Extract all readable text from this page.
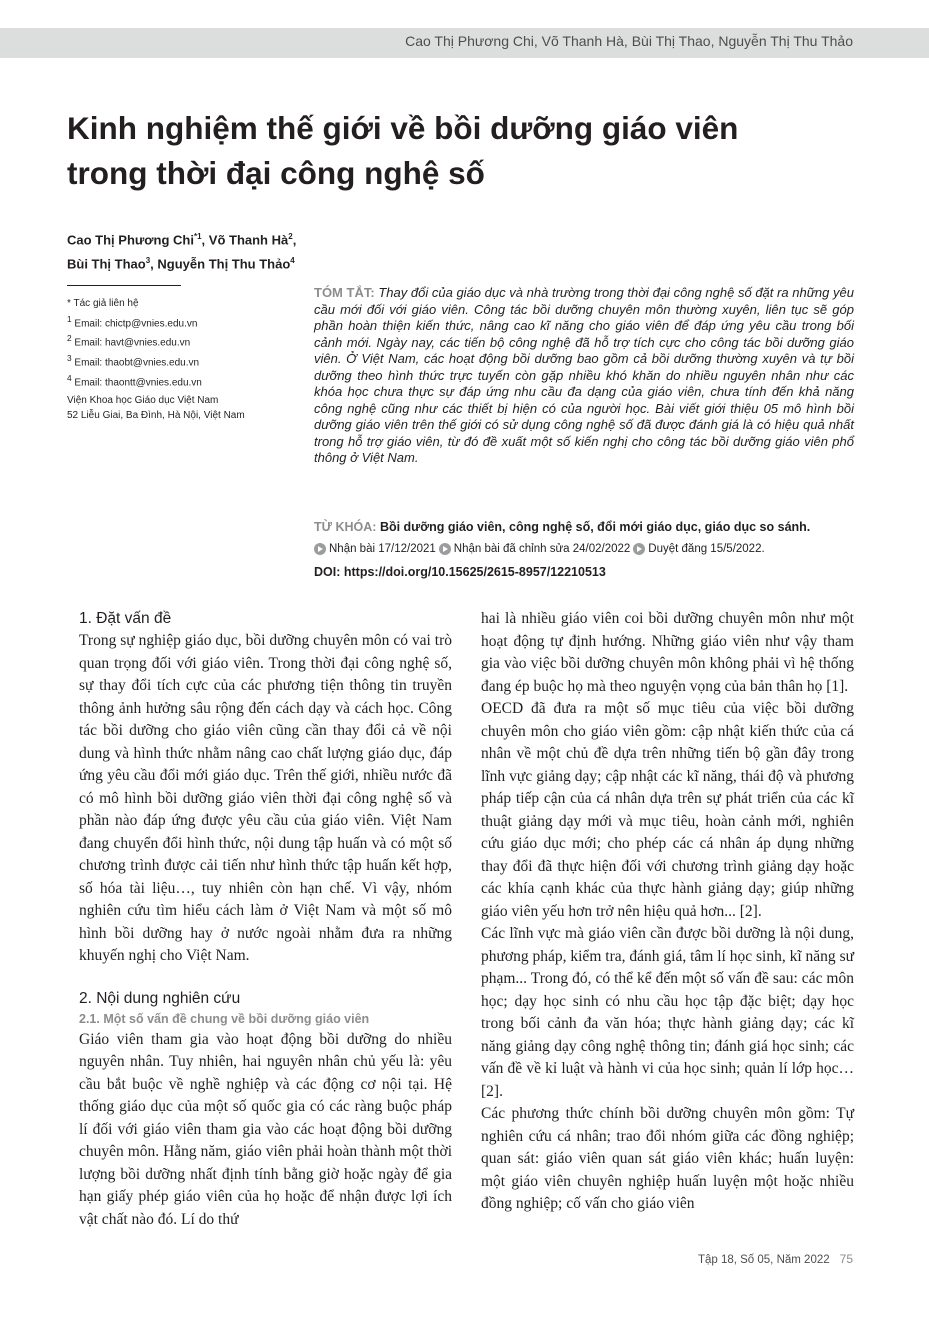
Cao Thị Phương Chi, Võ Thanh Hà, Bùi Thị Thao, Nguyễn Thị Thu Thảo
Kinh nghiệm thế giới về bồi dưỡng giáo viên
trong thời đại công nghệ số
Cao Thị Phương Chi$^{*1}$, Võ Thanh $Hà^2$,
Bùi Thị Thao$^3$, Nguyễn Thị Thu Thảo$^4$
* Tác giả liên hệ
$^1$ Email: chictp@vnies.edu.vn
$^2$ Email: havt@vnies.edu.vn
$^3$ Email: thaobt@vnies.edu.vn
$^4$ Email: thaontt@vnies.edu.vn
Viện Khoa học Giáo dục Việt Nam
52 Liễu Giai, Ba Đình, Hà Nội, Việt Nam
TÓM TẮT: Thay đổi của giáo dục và nhà trường trong thời đại công nghệ số đặt ra những yêu cầu mới đối với giáo viên. Công tác bồi dưỡng chuyên môn thường xuyên, liên tục sẽ góp phần hoàn thiện kiến thức, nâng cao kĩ năng cho giáo viên để đáp ứng yêu cầu trong bối cảnh mới. Ngày nay, các tiến bộ công nghệ đã hỗ trợ tích cực cho công tác bồi dưỡng giáo viên. Ở Việt Nam, các hoạt động bồi dưỡng bao gồm cả bồi dưỡng thường xuyên và tự bồi dưỡng theo hình thức trực tuyến còn gặp nhiều khó khăn do nhiều nguyên nhân như các khóa học chưa thực sự đáp ứng nhu cầu đa dạng của giáo viên, chưa tính đến khả năng công nghệ cũng như các thiết bị hiện có của người học. Bài viết giới thiệu 05 mô hình bồi dưỡng giáo viên trên thế giới có sử dụng công nghệ số đã được đánh giá là có hiệu quả nhất trong hỗ trợ giáo viên, từ đó đề xuất một số kiến nghị cho công tác bồi dưỡng giáo viên phổ thông ở Việt Nam.
TỪ KHÓA: Bồi dưỡng giáo viên, công nghệ số, đổi mới giáo dục, giáo dục so sánh.
Nhận bài 17/12/2021 Nhận bài đã chỉnh sửa 24/02/2022 Duyệt đăng 15/5/2022.
DOI: https://doi.org/10.15625/2615-8957/12210513
1. Đặt vấn đề

Trong sự nghiệp giáo dục, bồi dưỡng chuyên môn có vai trò quan trọng đối với giáo viên. Trong thời đại công nghệ số, sự thay đổi tích cực của các phương tiện thông tin truyền thông ảnh hưởng sâu rộng đến cách dạy và cách học. Công tác bồi dưỡng cho giáo viên cũng cần thay đổi cả về nội dung và hình thức nhằm nâng cao chất lượng giáo dục, đáp ứng yêu cầu đổi mới giáo dục. Trên thế giới, nhiều nước đã có mô hình bồi dưỡng giáo viên thời đại công nghệ số và phần nào đáp ứng được yêu cầu của giáo viên. Việt Nam đang chuyển đổi hình thức, nội dung tập huấn và có một số chương trình được cải tiến như hình thức tập huấn kết hợp, số hóa tài liệu…, tuy nhiên còn hạn chế. Vì vậy, nhóm nghiên cứu tìm hiểu cách làm ở Việt Nam và một số mô hình bồi dưỡng hay ở nước ngoài nhằm đưa ra những khuyến nghị cho Việt Nam.

2. Nội dung nghiên cứu
2.1. Một số vấn đề chung về bồi dưỡng giáo viên

Giáo viên tham gia vào hoạt động bồi dưỡng do nhiều nguyên nhân. Tuy nhiên, hai nguyên nhân chủ yếu là: yêu cầu bắt buộc về nghề nghiệp và các động cơ nội tại. Hệ thống giáo dục của một số quốc gia có các ràng buộc pháp lí đối với giáo viên tham gia vào các hoạt động bồi dưỡng chuyên môn. Hằng năm, giáo viên phải hoàn thành một thời lượng bồi dưỡng nhất định tính bằng giờ hoặc ngày để gia hạn giấy phép giáo viên của họ hoặc để nhận được lợi ích vật chất nào đó. Lí do thứ

hai là nhiều giáo viên coi bồi dưỡng chuyên môn như một hoạt động tự định hướng. Những giáo viên như vậy tham gia vào việc bồi dưỡng chuyên môn không phải vì hệ thống đang ép buộc họ mà theo nguyện vọng của bản thân họ [1].

OECD đã đưa ra một số mục tiêu của việc bồi dưỡng chuyên môn cho giáo viên gồm: cập nhật kiến thức của cá nhân về một chủ đề dựa trên những tiến bộ gần đây trong lĩnh vực giảng dạy; cập nhật các kĩ năng, thái độ và phương pháp tiếp cận của cá nhân dựa trên sự phát triển của các kĩ thuật giảng dạy mới và mục tiêu, hoàn cảnh mới, nghiên cứu giáo dục mới; cho phép các cá nhân áp dụng những thay đổi đã thực hiện đối với chương trình giảng dạy hoặc các khía cạnh khác của thực hành giảng dạy; giúp những giáo viên yếu hơn trở nên hiệu quả hơn... [2].

Các lĩnh vực mà giáo viên cần được bồi dưỡng là nội dung, phương pháp, kiểm tra, đánh giá, tâm lí học sinh, kĩ năng sư phạm... Trong đó, có thể kể đến một số vấn đề sau: các môn học; dạy học sinh có nhu cầu học tập đặc biệt; dạy học trong bối cảnh đa văn hóa; thực hành giảng dạy; các kĩ năng giảng dạy công nghệ thông tin; đánh giá học sinh; các vấn đề về kỉ luật và hành vi của học sinh; quản lí lớp học… [2].

Các phương thức chính bồi dưỡng chuyên môn gồm: Tự nghiên cứu cá nhân; trao đổi nhóm giữa các đồng nghiệp; quan sát: giáo viên quan sát giáo viên khác; huấn luyện: một giáo viên chuyên nghiệp huấn luyện một hoặc nhiều đồng nghiệp; cố vấn cho giáo viên

Tập 18, Số 05, Năm 2022 75
